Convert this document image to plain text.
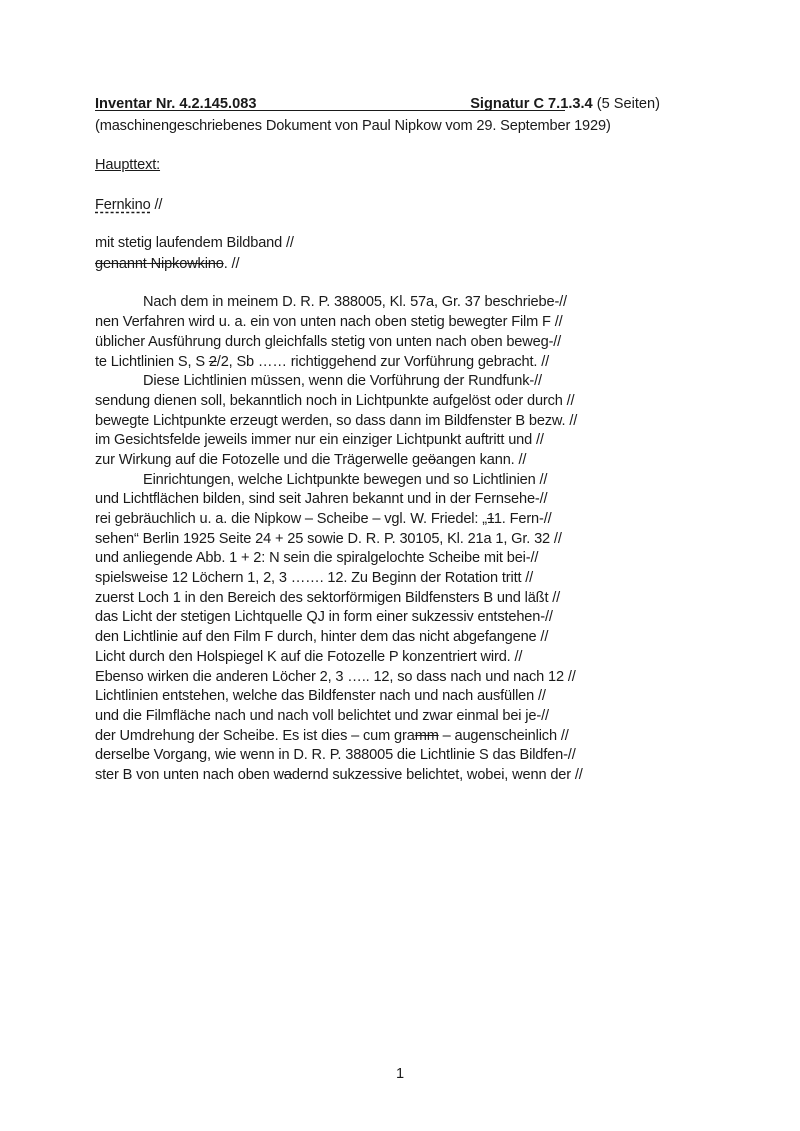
Inventar Nr. 4.2.145.083	Signatur C 7.1.3.4 (5 Seiten)
(maschinengeschriebenes Dokument von Paul Nipkow vom 29. September 1929)
Haupttext:
Fernkino //
mit stetig laufendem Bildband //
genannt Nipkowkino. //
Nach dem in meinem D. R. P. 388005, Kl. 57a, Gr. 37 beschriebe-//
nen Verfahren wird u. a. ein von unten nach oben stetig bewegter Film F //
üblicher Ausführung durch gleichfalls stetig von unten nach oben beweg-//
te Lichtlinien S, S 2/2, Sb …… richtiggehend zur Vorführung gebracht. //
Diese Lichtlinien müssen, wenn die Vorführung der Rundfunk-//
sendung dienen soll, bekanntlich noch in Lichtpunkte aufgelöst oder durch //
bewegte Lichtpunkte erzeugt werden, so dass dann im Bildfenster B bezw. //
im Gesichtsfelde jeweils immer nur ein einziger Lichtpunkt auftritt und //
zur Wirkung auf die Fotozelle und die Trägerwelle geöangen kann. //
Einrichtungen, welche Lichtpunkte bewegen und so Lichtlinien //
und Lichtflächen bilden, sind seit Jahren bekannt und in der Fernsehe-//
rei gebräuchlich u. a. die Nipkow – Scheibe – vgl. W. Friedel: „11. Fern-//
sehen“ Berlin 1925 Seite 24 + 25 sowie D. R. P. 30105, Kl. 21a 1, Gr. 32 //
und anliegende Abb. 1 + 2: N sein die spiralgelochte Scheibe mit bei-//
spielsweise 12 Löchern 1, 2, 3 ……. 12. Zu Beginn der Rotation tritt //
zuerst Loch 1 in den Bereich des sektorförmigen Bildfensters B und läßt //
das Licht der stetigen Lichtquelle QJ in form einer sukzessiv entstehen-//
den Lichtlinie auf den Film F durch, hinter dem das nicht abgefangene //
Licht durch den Holspiegel K auf die Fotozelle P konzentriert wird. //
Ebenso wirken die anderen Löcher 2, 3 ….. 12, so dass nach und nach 12 //
Lichtlinien entstehen, welche das Bildfenster nach und nach ausfüllen //
und die Filmfläche nach und nach voll belichtet und zwar einmal bei je-//
der Umdrehung der Scheibe. Es ist dies – cum gramm – augenscheinlich //
derselbe Vorgang, wie wenn in D. R. P. 388005 die Lichtlinie S das Bildfen-//
ster B von unten nach oben wadernd sukzessive belichtet, wobei, wenn der //
1
